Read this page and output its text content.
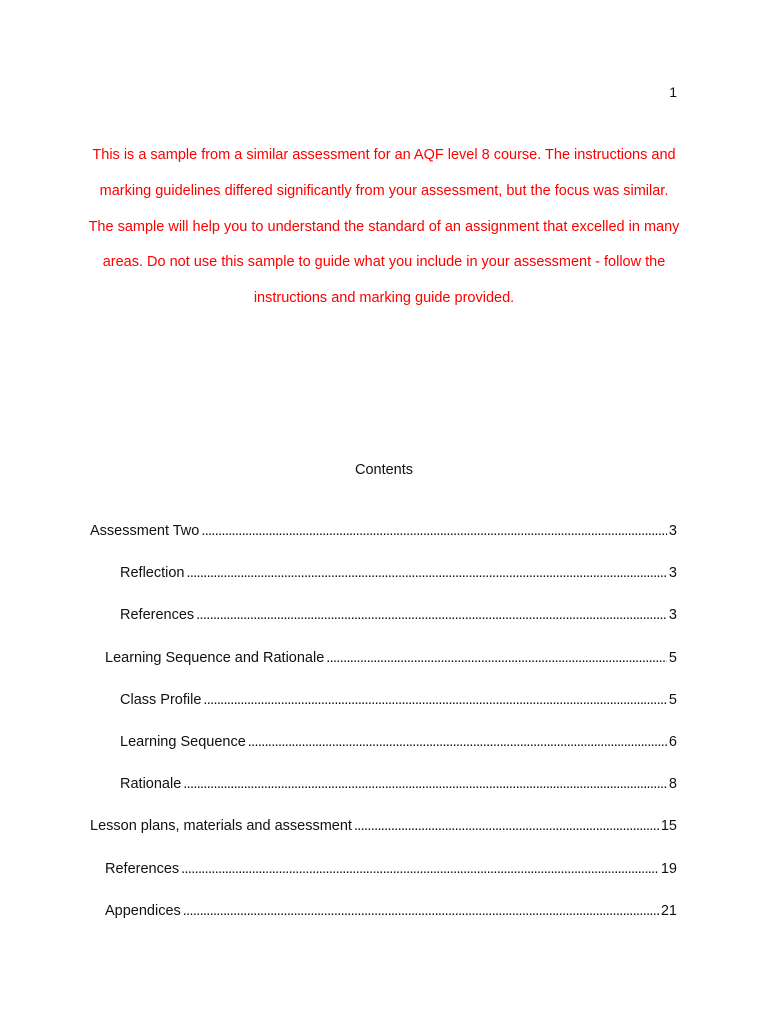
1

This is a sample from a similar assessment for an AQF level 8 course. The instructions and marking guidelines differed significantly from your assessment, but the focus was similar. The sample will help you to understand the standard of an assignment that excelled in many areas. Do not use this sample to guide what you include in your assessment - follow the instructions and marking guide provided.

Contents
Assessment Two . . .	3
Reflection . . .	3
References . . .	3
Learning Sequence and Rationale . . .	5
Class Profile . . .	5
Learning Sequence . . .	6
Rationale . . .	8
Lesson plans, materials and assessment . . .	15
References . . .	19
Appendices . . .	21
